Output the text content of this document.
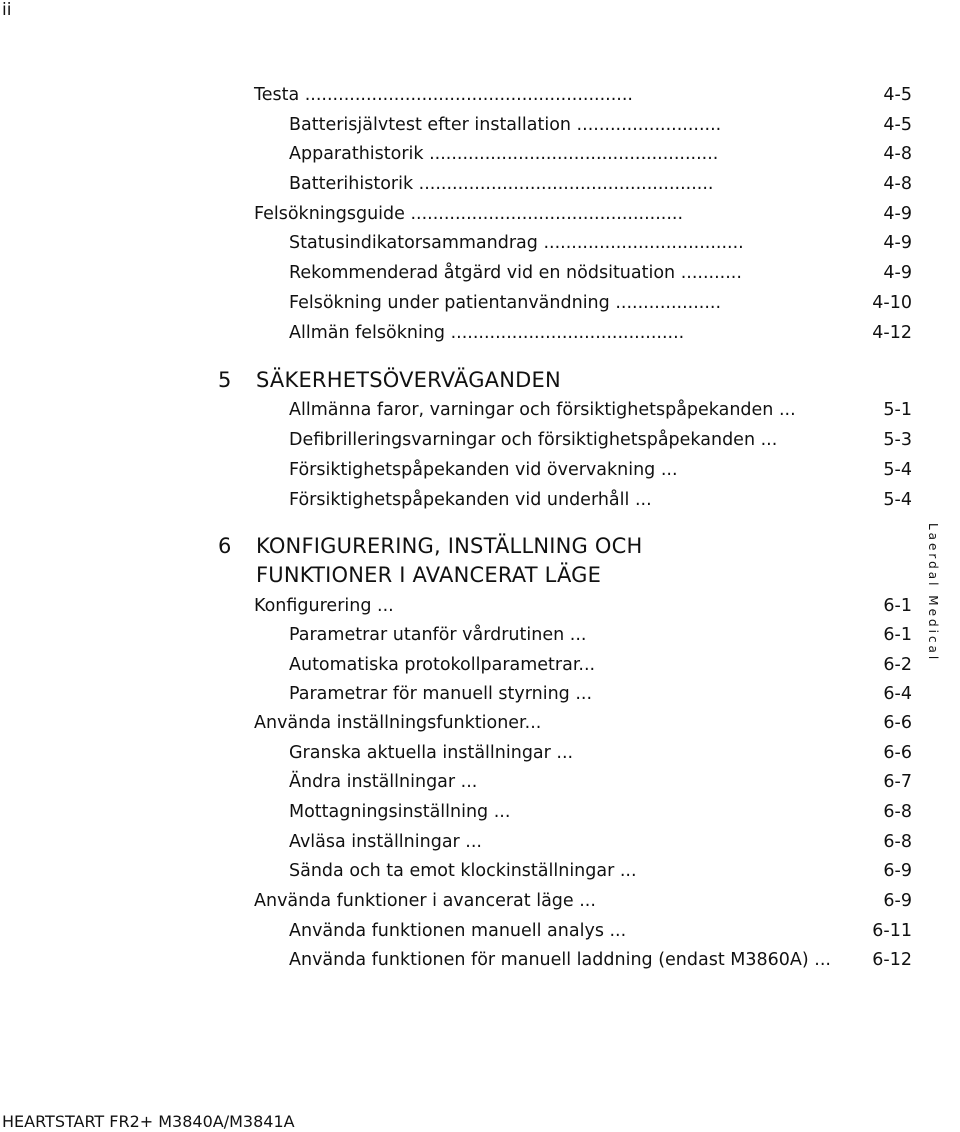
ii
Testa ...........................................................	4-5
Batterisjälvtest efter installation ..........................	4-5
Apparathistorik ....................................................	4-8
Batterihistorik .....................................................	4-8
Felsökningsguide .................................................	4-9
Statusindikatorsammandrag ....................................	4-9
Rekommenderad åtgärd vid en nödsituation ...........	4-9
Felsökning under patientanvändning ...................	4-10
Allmän felsökning ..........................................	4-12
5 SÄKERHETSÖVERVÄGANDEN
Allmänna faror, varningar och försiktighetspåpekanden ...	5-1
Defibrilleringsvarningar och försiktighetspåpekanden ...	5-3
Försiktighetspåpekanden vid övervakning ...	5-4
Försiktighetspåpekanden vid underhåll ...	5-4
6 KONFIGURERING, INSTÄLLNING OCH
FUNKTIONER I AVANCERAT LÄGE
Konfigurering ...	6-1
Parametrar utanför vårdrutinen ...	6-1
Automatiska protokollparametrar...	6-2
Parametrar för manuell styrning ...	6-4
Använda inställningsfunktioner...	6-6
Granska aktuella inställningar ...	6-6
Ändra inställningar ...	6-7
Mottagningsinställning ...	6-8
Avläsa inställningar ...	6-8
Sända och ta emot klockinställningar ...	6-9
Använda funktioner i avancerat läge ...	6-9
Använda funktionen manuell analys ...	6-11
Använda funktionen för manuell laddning (endast M3860A) ... 6-12
Laerdal Medical
HEARTSTART FR2+ M3840A/M3841A
